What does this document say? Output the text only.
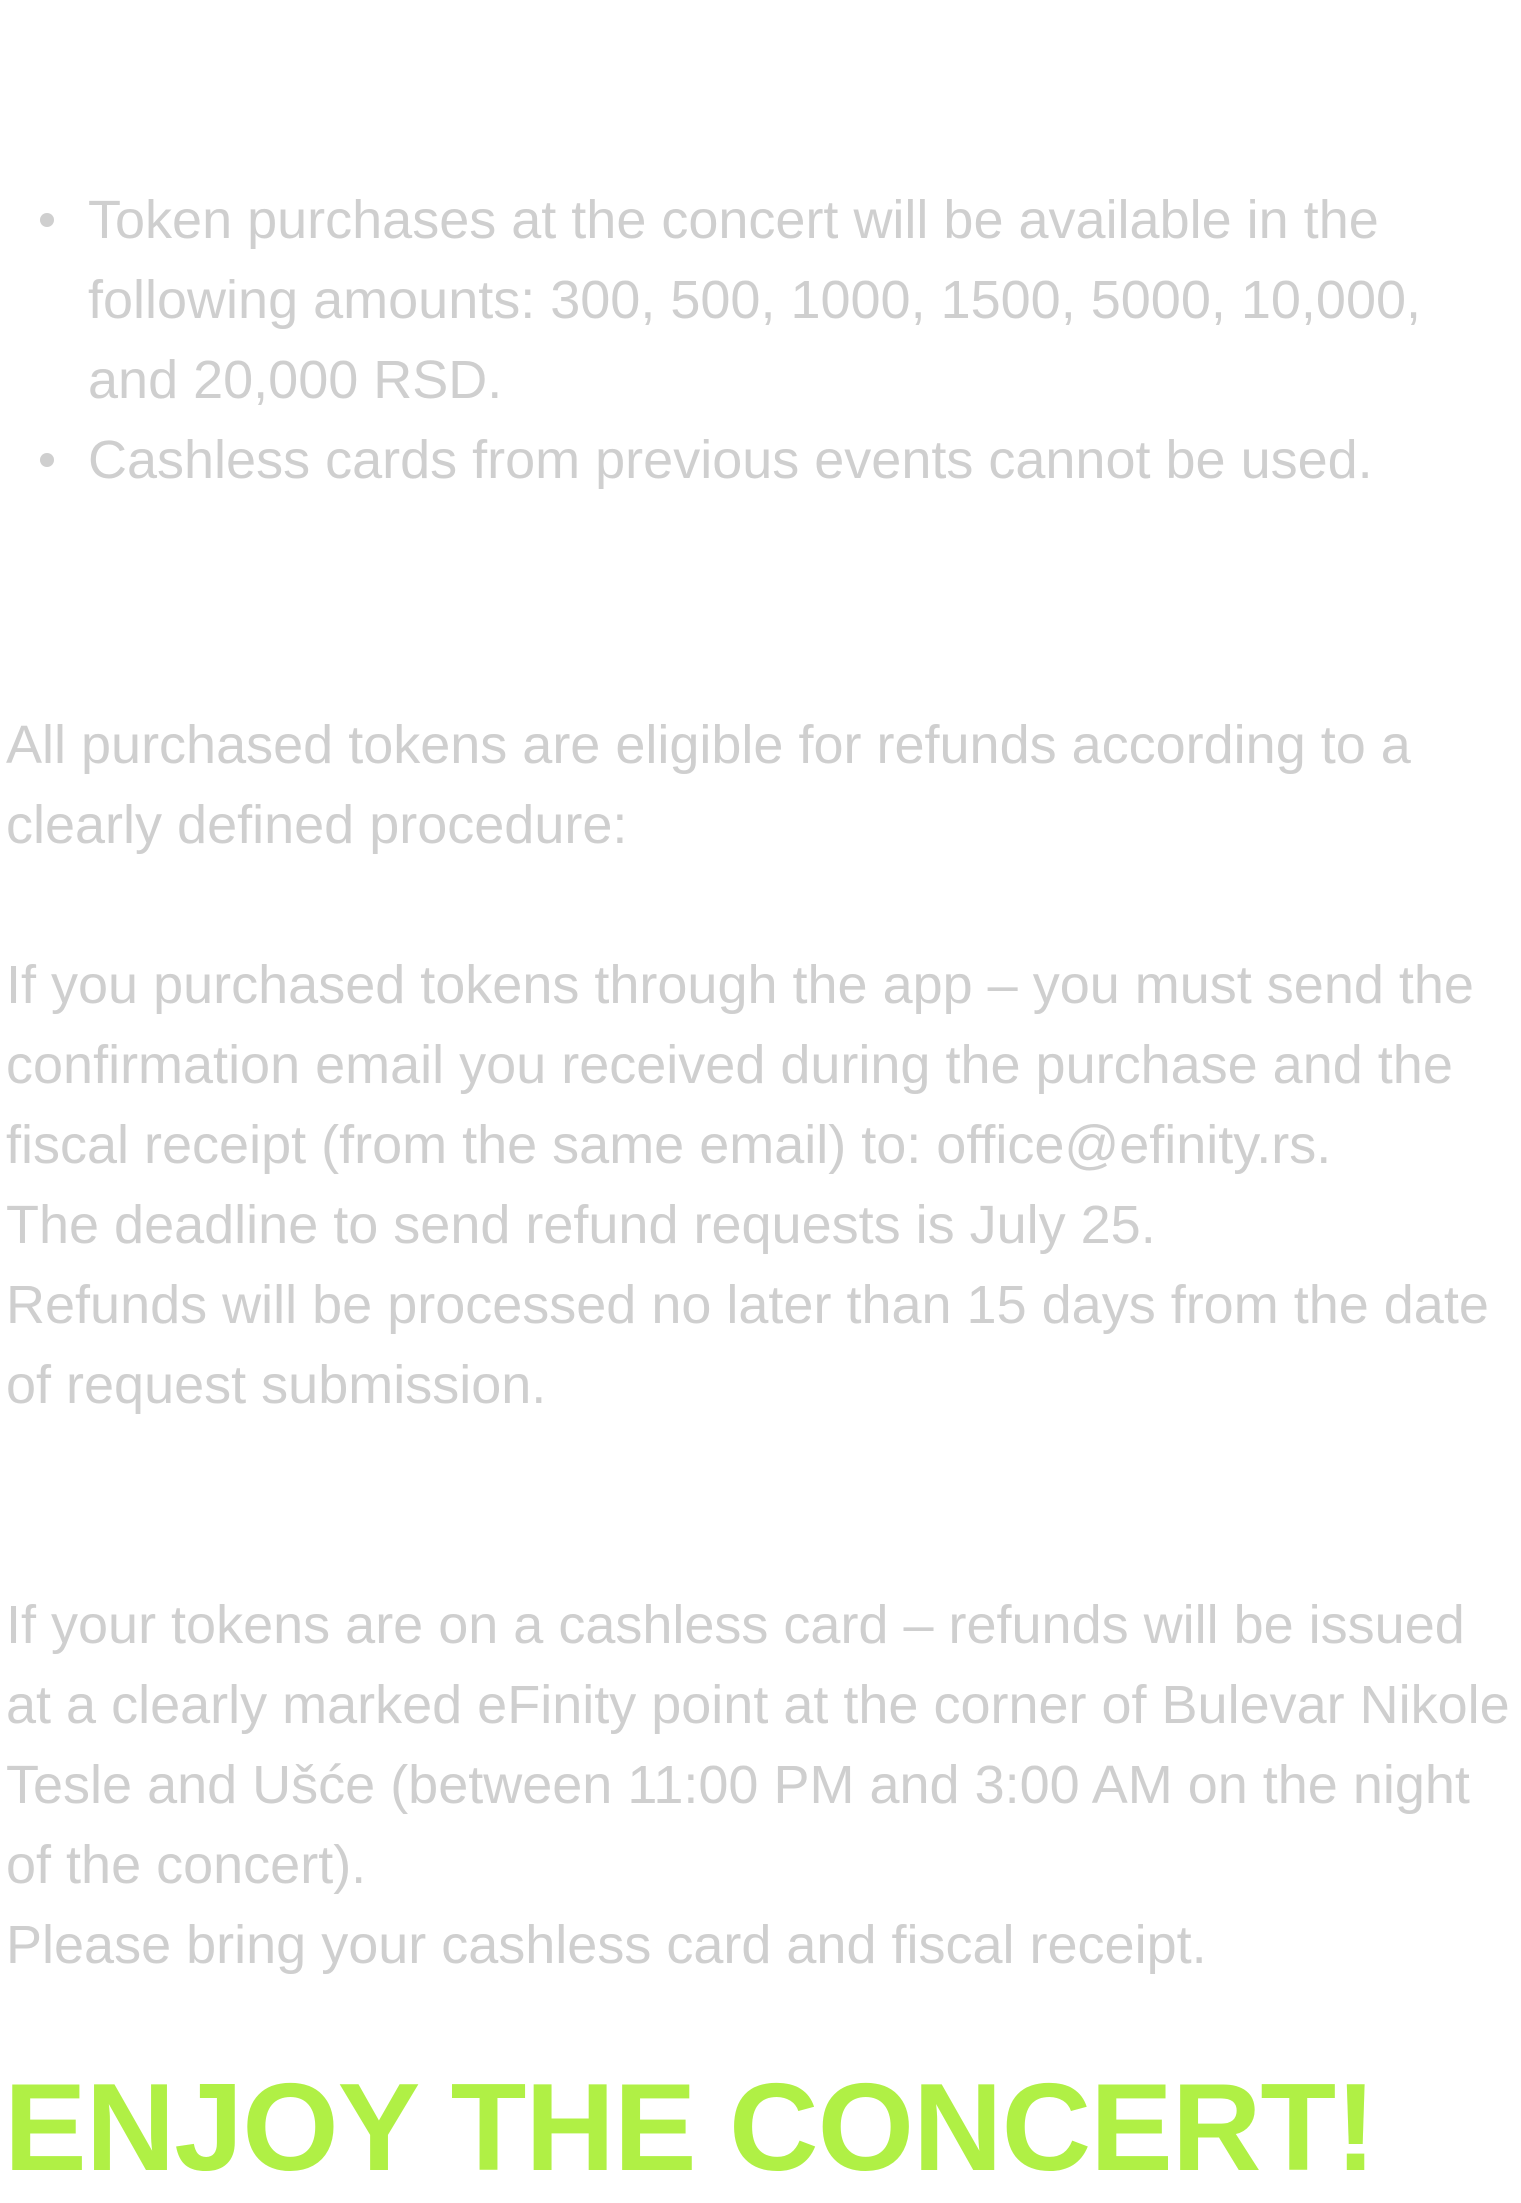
Token purchases at the concert will be available in the following amounts: 300, 500, 1000, 1500, 5000, 10,000, and 20,000 RSD.
Cashless cards from previous events cannot be used.

All purchased tokens are eligible for refunds according to a clearly defined procedure:

If you purchased tokens through the app – you must send the confirmation email you received during the purchase and the fiscal receipt (from the same email) to: office@efinity.rs.

The deadline to send refund requests is July 25.

Refunds will be processed no later than 15 days from the date of request submission.

If your tokens are on a cashless card – refunds will be issued at a clearly marked eFinity point at the corner of Bulevar Nikole Tesle and Ušće (between 11:00 PM and 3:00 AM on the night of the concert).

Please bring your cashless card and fiscal receipt.

ENJOY THE CONCERT!
